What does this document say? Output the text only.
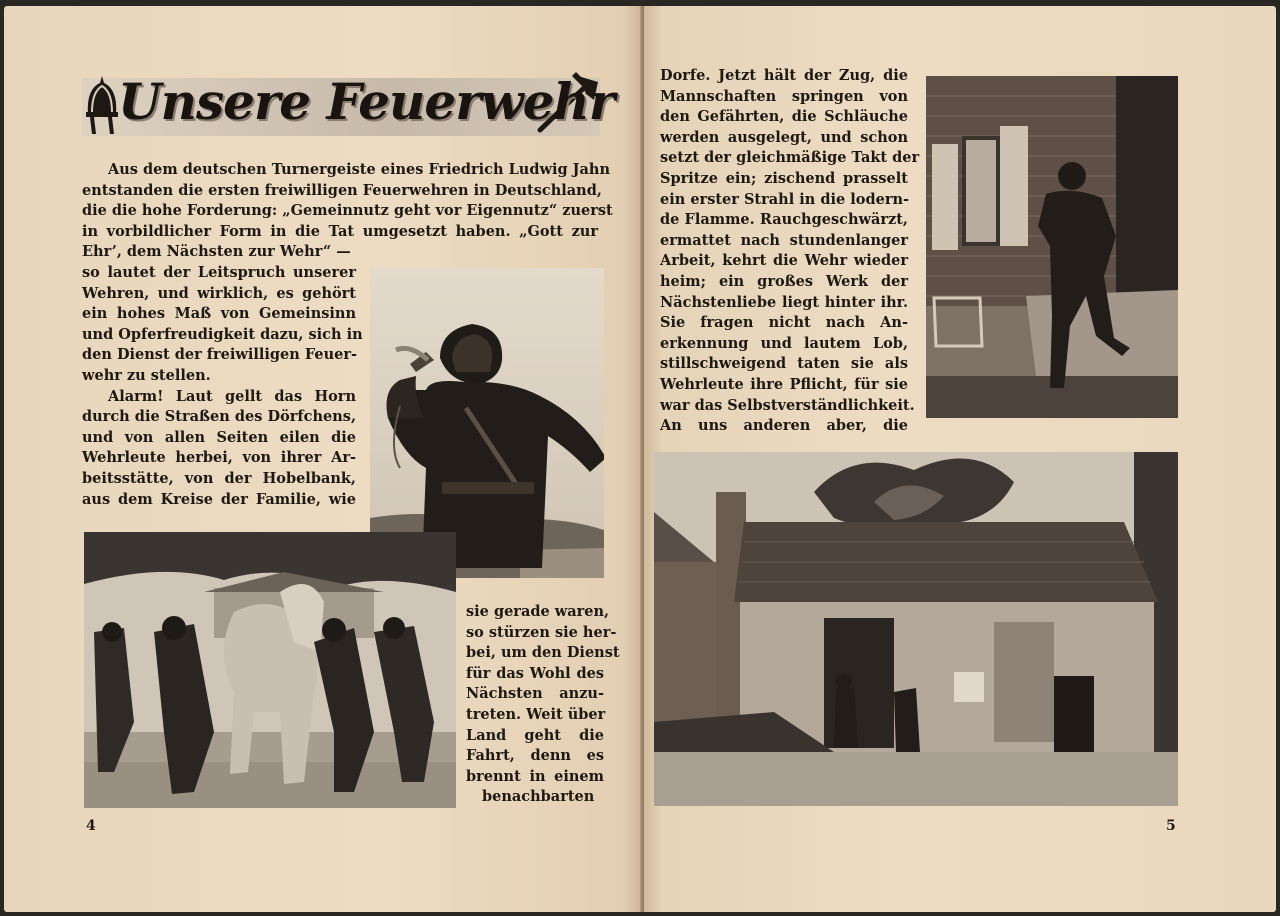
Unsere Feuerwehr
Aus dem deutschen Turnergeiste eines Friedrich Ludwig Jahn
entstanden die ersten freiwilligen Feuerwehren in Deutschland,
die die hohe Forderung: „Gemeinnutz geht vor Eigennutz“ zuerst
in vorbildlicher Form in die Tat umgesetzt haben. „Gott zur
Ehr’, dem Nächsten zur Wehr“ —
so lautet der Leitspruch unserer
Wehren, und wirklich, es gehört
ein hohes Maß von Gemeinsinn
und Opferfreudigkeit dazu, sich in
den Dienst der freiwilligen Feuer-
wehr zu stellen.
Alarm! Laut gellt das Horn
durch die Straßen des Dörfchens,
und von allen Seiten eilen die
Wehrleute herbei, von ihrer Ar-
beitsstätte, von der Hobelbank,
aus dem Kreise der Familie, wie
sie gerade waren,
so stürzen sie her-
bei, um den Dienst
für das Wohl des
Nächsten anzu-
treten. Weit über
Land geht die
Fahrt, denn es
brennt in einem
benachbarten
4
Dorfe. Jetzt hält der Zug, die
Mannschaften springen von
den Gefährten, die Schläuche
werden ausgelegt, und schon
setzt der gleichmäßige Takt der
Spritze ein; zischend prasselt
ein erster Strahl in die lodern-
de Flamme. Rauchgeschwärzt,
ermattet nach stundenlanger
Arbeit, kehrt die Wehr wieder
heim; ein großes Werk der
Nächstenliebe liegt hinter ihr.
Sie fragen nicht nach An-
erkennung und lautem Lob,
stillschweigend taten sie als
Wehrleute ihre Pflicht, für sie
war das Selbstverständlichkeit.
An uns anderen aber, die
5
